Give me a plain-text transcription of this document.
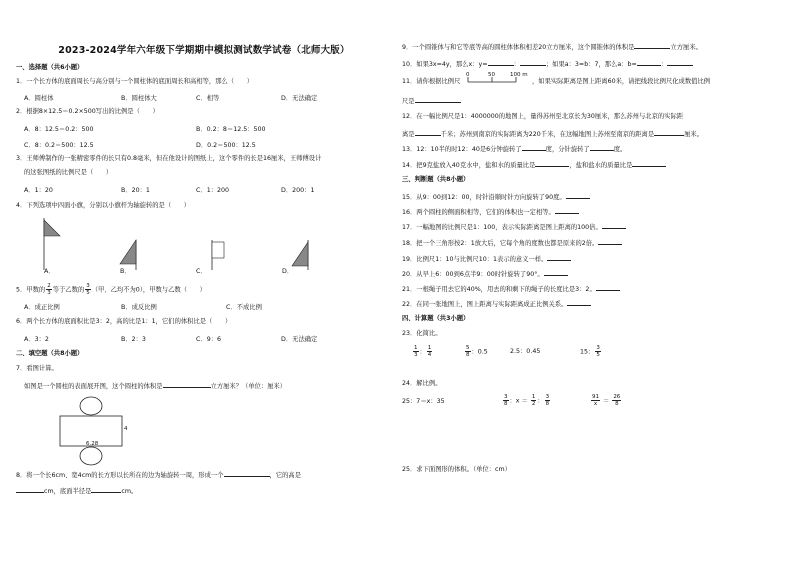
2023-2024学年六年级下学期期中模拟测试数学试卷（北师大版）
一、选择题（共6小题）
1．一个长方体的底面周长与高分别与一个圆柱体的底面周长和高相等，那么（　　）
A．圆柱体	B．圆柱体大	C．相等	D．无法确定
2．根据8×12.5＝0.2×500写出的比例是（　　）
A．8：12.5＝0.2：500	B．0.2：8＝12.5：500
C．8：0.2＝500：12.5	D．0.2＝500：12.5
3．王师傅制作的一张精密零件的长只有0.8毫米，但在他设计的图纸上，这个零件的长是16厘米，王师傅设计
的这张图纸的比例尺是（　　）
A．1：20	B．20：1	C．1：200	D．200：1
4．下列选项中四面小旗，分别以小旗杆为轴旋转的是（　　）
A．	B．	C．	D．
5．甲数的 $\frac{2}{3}$ 等于乙数的 $\frac{3}{5}$ （甲、乙均不为0），甲数与乙数（　　）
A．成正比例	B．成反比例	C．不成比例
6．两个长方体的底面积比是3：2，高的比是1：1，它们的体积比是（　　）
A．3：2	B．2：3	C．9：6	D．无法确定
二、填空题（共8小题）
7．看图计算。
如图是一个圆柱的表面展开图，这个圆柱的体积是	立方厘米？（单位：厘米）
4
6.28
8．将一个长6cm、宽4cm的长方形以长所在的边为轴旋转一周，形成一个	，它的高是
cm，底面半径是	cm。
9．一个圆锥体与和它等底等高的圆柱体体积相差20立方厘米，这个圆锥体的体积是	立方厘米。
10．如果3x=4y，那么x：y=	：	；如果a：3=b：7，那么a：b=	：
11．请你根据比例尺
0	50	100 m
，如果实际距离是图上距离60米，请把线段比例尺化成数值比例
尺是
12．在一幅比例尺是1：4000000的地图上，量得苏州至北京长为30厘米，那么苏州与北京的实际距
离是	千米；苏州到南京的实际距离为220千米，在这幅地图上苏州至南京的距离是	厘米。
13．12：10半的时12：40是6分钟旋转了	度，分针旋转了	度。
14．把9克盐放入40克水中，盐和水的质量比是	，盐和盐水的质量比是
三、判断题（共8小题）
15．从9：00到12：00，时针沿顺时针方向旋转了90度。
16．两个圆柱的侧面积相等，它们的体积也一定相等。
17．一幅地图的比例尺是1：100，表示实际距离是图上距离的100倍。
18．把一个三角形按2：1放大后，它每个角的度数也都是原来的2倍。
19．比例尺1：10与比例尺10：1表示的意义一样。
20．从早上6：00到6点半9：00时针旋转了90°。
21．一根绳子用去它的40%，用去的和剩下的绳子的长度比是3：2。
22．在同一张地图上，图上距离与实际距离成正比例关系。
四、计算题（共3小题）
23．化简比。
$\frac{1}{3}$ ： $\frac{1}{4}$	$\frac{5}{8}$ ：0.5	2.5：0.45	15： $\frac{3}{5}$
24．解比例。
25：7＝x：35	$\frac{3}{8}$ ：$x = \frac{1}{2}$ ： $\frac{3}{8}$	$\frac{91}{x} = \frac{26}{8}$
25．求下面图形的体积。（单位：cm）
